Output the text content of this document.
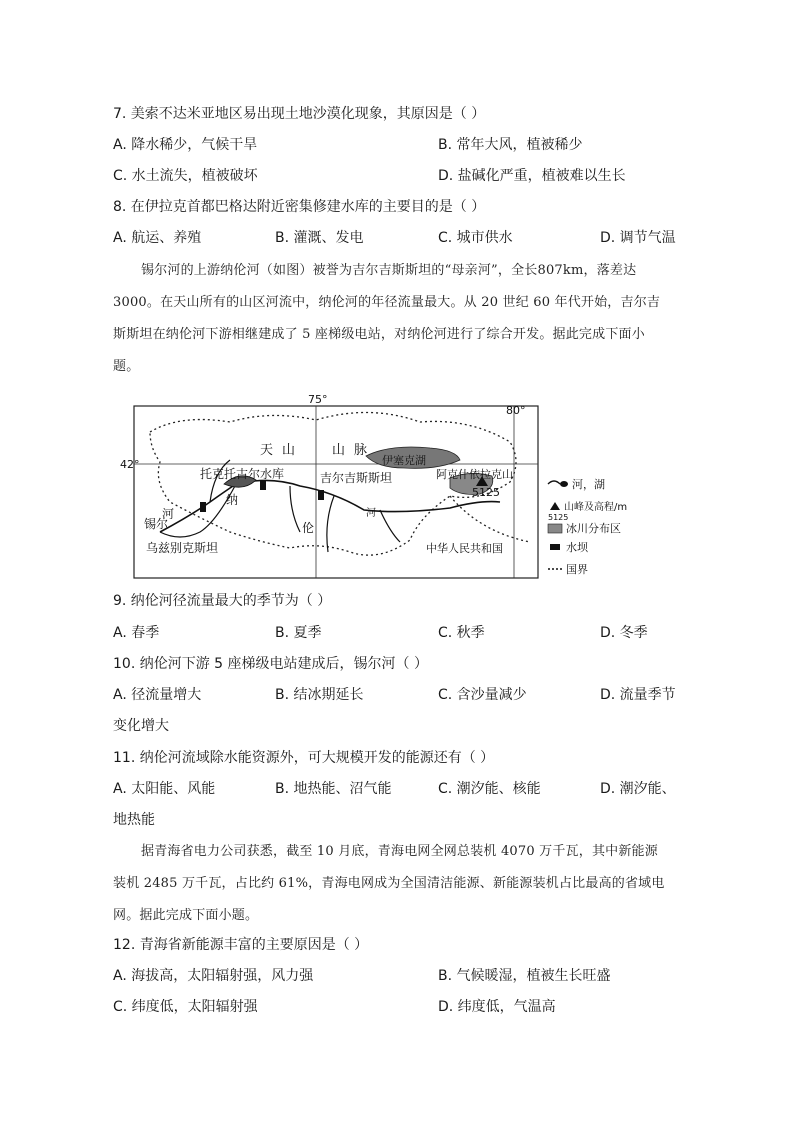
7. 美索不达米亚地区易出现土地沙漠化现象，其原因是（ ）
A. 降水稀少，气候干旱	B. 常年大风，植被稀少
C. 水土流失，植被破坏	D. 盐碱化严重，植被难以生长
8. 在伊拉克首都巴格达附近密集修建水库的主要目的是（ ）
A. 航运、养殖	B. 灌溉、发电	C. 城市供水	D. 调节气温

锡尔河的上游纳伦河（如图）被誉为吉尔吉斯斯坦的“母亲河”，全长807km，落差达

3000。在天山所有的山区河流中，纳伦河的年径流量最大。从 20 世纪 60 年代开始，吉尔吉

斯斯坦在纳伦河下游相继建成了 5 座梯级电站，对纳伦河进行了综合开发。据此完成下面小

题。

75°
80°
42°
天 山	山 脉
伊塞克湖
阿克什依拉克山
托克托古尔水库	吉尔吉斯斯坦
5125
纳
伦
河
锡尔
河
乌兹别克斯坦	中华人民共和国
河，湖
山峰及高程/m
5125
冰川分布区
水坝
国界
9. 纳伦河径流量最大的季节为（ ）
A. 春季	B. 夏季	C. 秋季	D. 冬季
10. 纳伦河下游 5 座梯级电站建成后，锡尔河（ ）
A. 径流量增大	B. 结冰期延长	C. 含沙量减少	D. 流量季节
变化增大
11. 纳伦河流域除水能资源外，可大规模开发的能源还有（ ）
A. 太阳能、风能	B. 地热能、沼气能	C. 潮汐能、核能	D. 潮汐能、
地热能

据青海省电力公司获悉，截至 10 月底，青海电网全网总装机 4070 万千瓦，其中新能源

装机 2485 万千瓦，占比约 61%，青海电网成为全国清洁能源、新能源装机占比最高的省域电

网。据此完成下面小题。

12. 青海省新能源丰富的主要原因是（ ）
A. 海拔高，太阳辐射强，风力强	B. 气候暖湿，植被生长旺盛
C. 纬度低，太阳辐射强	D. 纬度低，气温高
